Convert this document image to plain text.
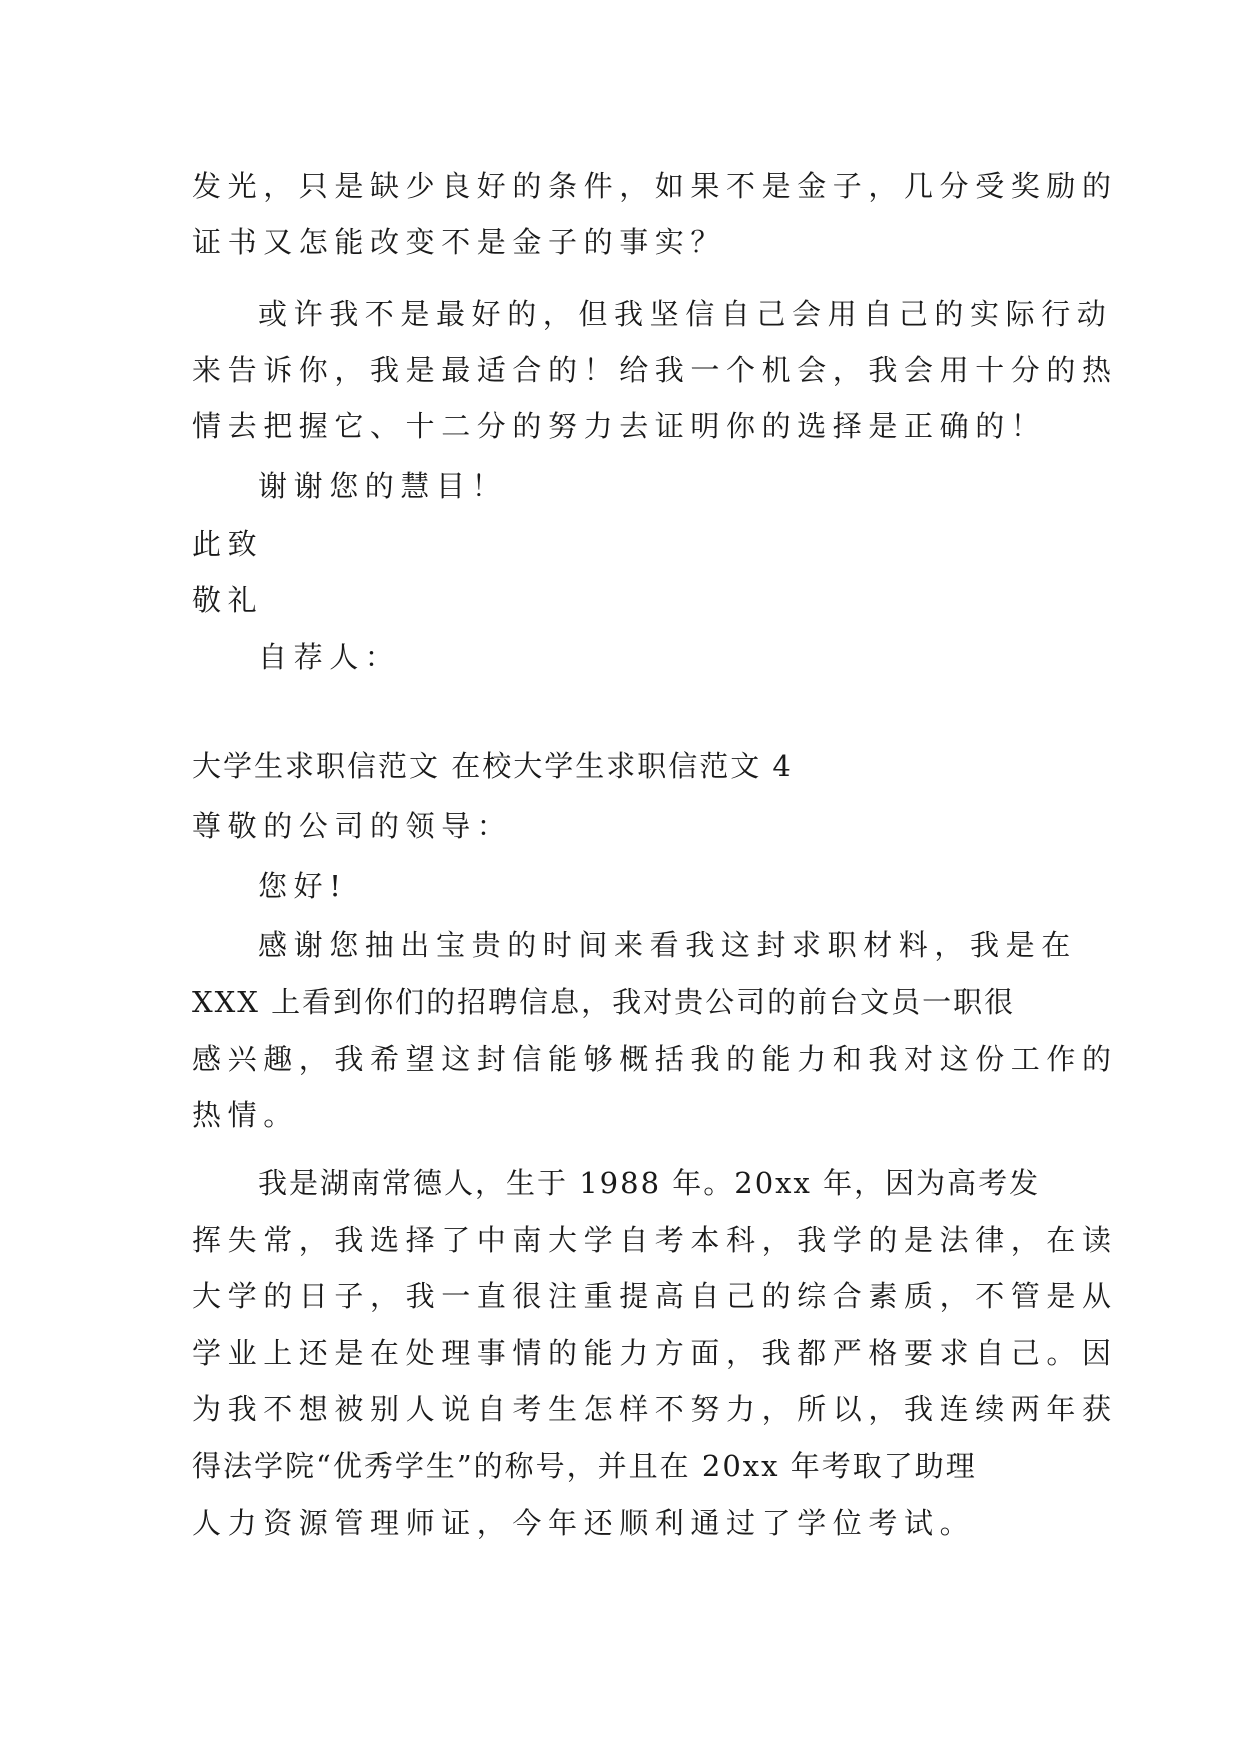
发光，只是缺少良好的条件，如果不是金子，几分受奖励的
证书又怎能改变不是金子的事实？
或许我不是最好的，但我坚信自己会用自己的实际行动
来告诉你，我是最适合的！给我一个机会，我会用十分的热
情去把握它、十二分的努力去证明你的选择是正确的！
谢谢您的慧目！
此致
敬礼
自荐人：
大学生求职信范文 在校大学生求职信范文 4
尊敬的公司的领导：
您好!
感谢您抽出宝贵的时间来看我这封求职材料，我是在
XXX 上看到你们的招聘信息，我对贵公司的前台文员一职很
感兴趣，我希望这封信能够概括我的能力和我对这份工作的
热情。
我是湖南常德人，生于 1988 年。20xx 年，因为高考发
挥失常，我选择了中南大学自考本科，我学的是法律，在读
大学的日子，我一直很注重提高自己的综合素质，不管是从
学业上还是在处理事情的能力方面，我都严格要求自己。因
为我不想被别人说自考生怎样不努力，所以，我连续两年获
得法学院“优秀学生”的称号，并且在 20xx 年考取了助理
人力资源管理师证，今年还顺利通过了学位考试。
